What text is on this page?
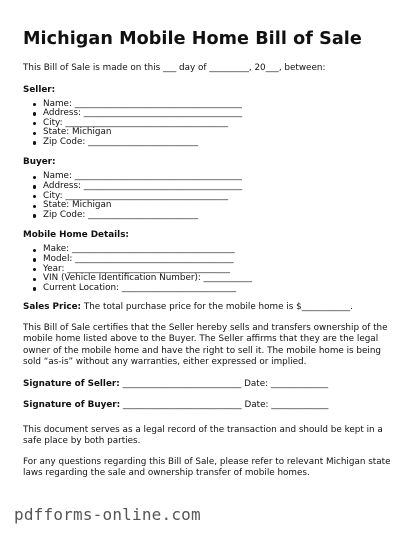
Michigan Mobile Home Bill of Sale

This Bill of Sale is made on this ___ day of _________, 20___, between:

Seller:

Name: ______________________________________
Address: ____________________________________
City: _____________________________________
State: Michigan
Zip Code: _________________________

Buyer:

Name: ______________________________________
Address: ____________________________________
City: _____________________________________
State: Michigan
Zip Code: _________________________

Mobile Home Details:

Make: _____________________________________
Model: ____________________________________
Year: _____________________________________
VIN (Vehicle Identification Number): ___________
Current Location: __________________________

Sales Price: The total purchase price for the mobile home is $___________.

This Bill of Sale certifies that the Seller hereby sells and transfers ownership of the mobile home listed above to the Buyer. The Seller affirms that they are the legal owner of the mobile home and have the right to sell it. The mobile home is being sold “as-is” without any warranties, either expressed or implied.

Signature of Seller: ___________________________ Date: _____________

Signature of Buyer: ___________________________ Date: _____________

This document serves as a legal record of the transaction and should be kept in a safe place by both parties.

For any questions regarding this Bill of Sale, please refer to relevant Michigan state laws regarding the sale and ownership transfer of mobile homes.

pdfforms-online.com
